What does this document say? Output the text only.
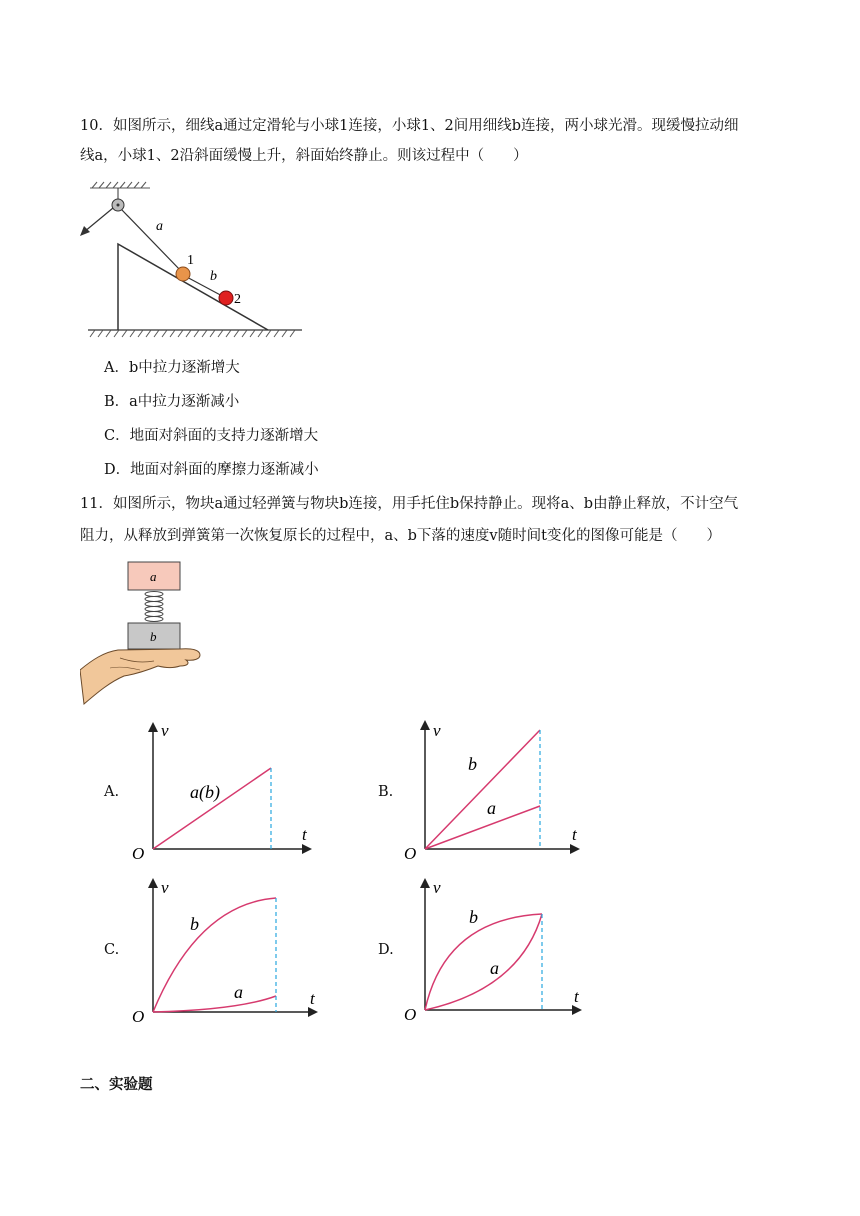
10．如图所示，细线a通过定滑轮与小球1连接，小球1、2间用细线b连接，两小球光滑。现缓慢拉动细
线a，小球1、2沿斜面缓慢上升，斜面始终静止。则该过程中（　　）
a
b
1
2
A．b中拉力逐渐增大
B．a中拉力逐渐减小
C．地面对斜面的支持力逐渐增大
D．地面对斜面的摩擦力逐渐减小
11．如图所示，物块a通过轻弹簧与物块b连接，用手托住b保持静止。现将a、b由静止释放，不计空气
阻力，从释放到弹簧第一次恢复原长的过程中，a、b下落的速度v随时间t变化的图像可能是（　　）
a
b
A.
v
t
O
a(b)	B.
v
t
O
b
a
C.
v
t
O
b
a
D.
v
t
O
b
a
二、实验题
